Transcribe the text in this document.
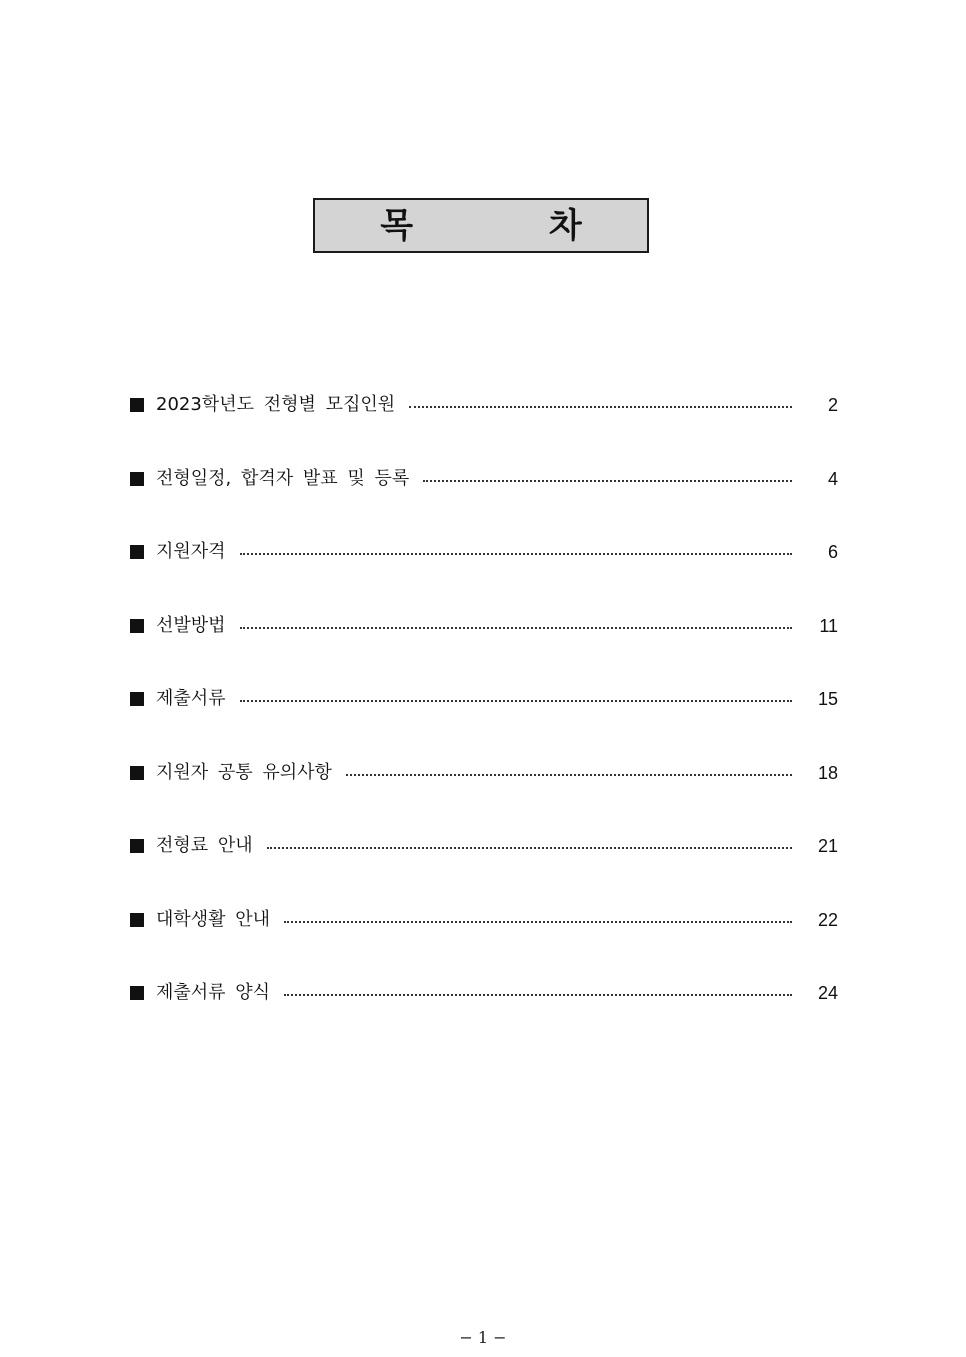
목 차
2023학년도 전형별 모집인원	2
전형일정, 합격자 발표 및 등록	4
지원자격	6
선발방법	11
제출서류	15
지원자 공통 유의사항	18
전형료 안내	21
대학생활 안내	22
제출서류 양식	24
− 1 −
